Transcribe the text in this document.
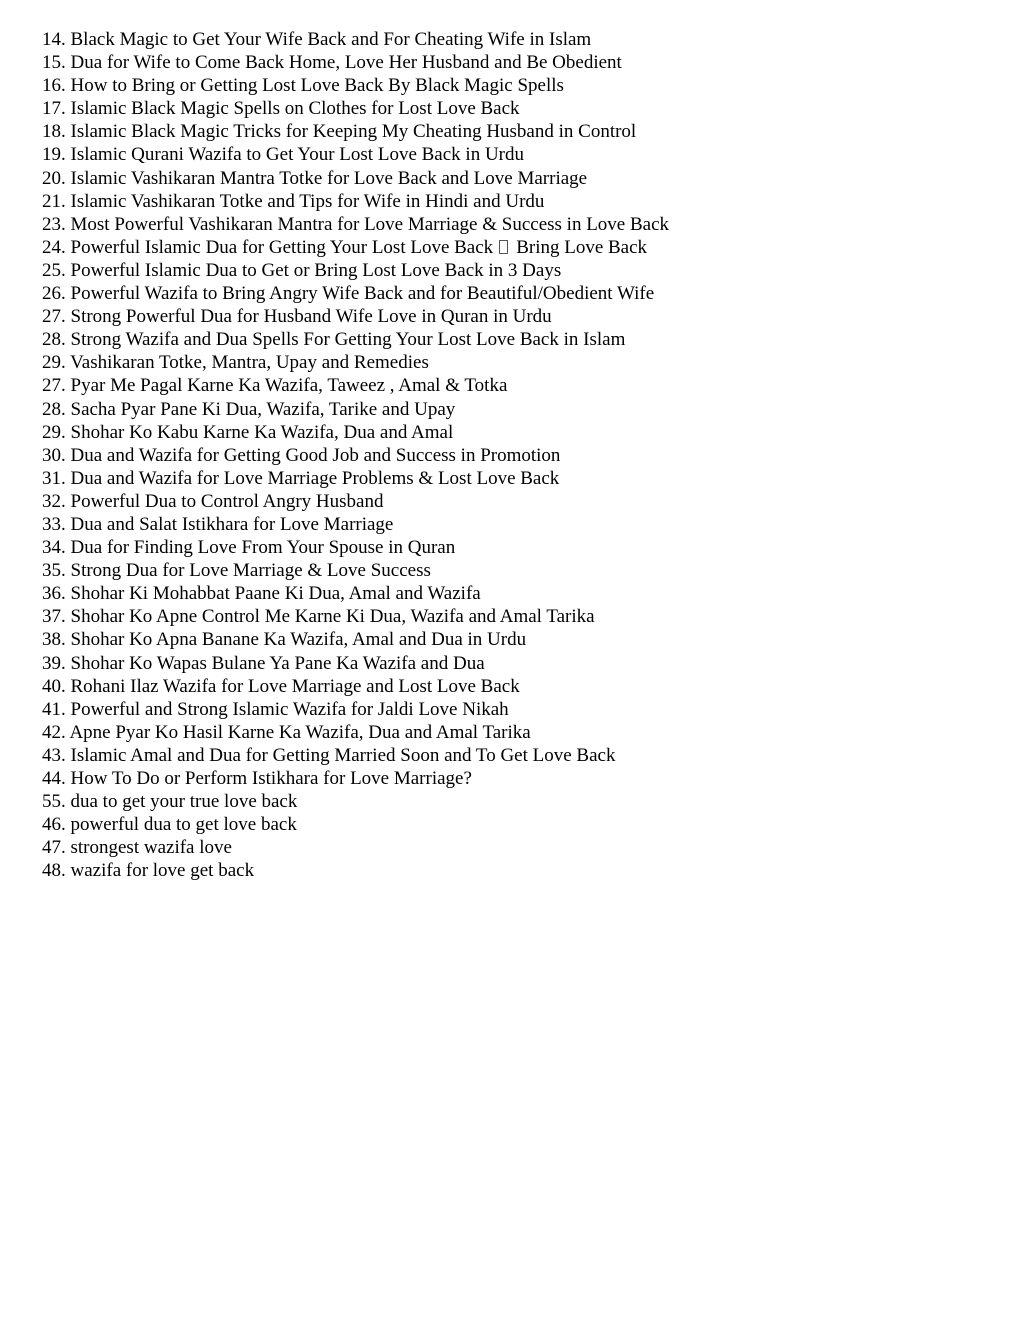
14. Black Magic to Get Your Wife Back and For Cheating Wife in Islam
15. Dua for Wife to Come Back Home, Love Her Husband and Be Obedient
16. How to Bring or Getting Lost Love Back By Black Magic Spells
17. Islamic Black Magic Spells on Clothes for Lost Love Back
18. Islamic Black Magic Tricks for Keeping My Cheating Husband in Control
19. Islamic Qurani Wazifa to Get Your Lost Love Back in Urdu
20. Islamic Vashikaran Mantra Totke for Love Back and Love Marriage
21. Islamic Vashikaran Totke and Tips for Wife in Hindi and Urdu
23. Most Powerful Vashikaran Mantra for Love Marriage & Success in Love Back
24. Powerful Islamic Dua for Getting Your Lost Love Back Bring Love Back
25. Powerful Islamic Dua to Get or Bring Lost Love Back in 3 Days
26. Powerful Wazifa to Bring Angry Wife Back and for Beautiful/Obedient Wife
27. Strong Powerful Dua for Husband Wife Love in Quran in Urdu
28. Strong Wazifa and Dua Spells For Getting Your Lost Love Back in Islam
29. Vashikaran Totke, Mantra, Upay and Remedies
27. Pyar Me Pagal Karne Ka Wazifa, Taweez , Amal & Totka
28. Sacha Pyar Pane Ki Dua, Wazifa, Tarike and Upay
29. Shohar Ko Kabu Karne Ka Wazifa, Dua and Amal
30. Dua and Wazifa for Getting Good Job and Success in Promotion
31. Dua and Wazifa for Love Marriage Problems & Lost Love Back
32. Powerful Dua to Control Angry Husband
33. Dua and Salat Istikhara for Love Marriage
34. Dua for Finding Love From Your Spouse in Quran
35. Strong Dua for Love Marriage & Love Success
36. Shohar Ki Mohabbat Paane Ki Dua, Amal and Wazifa
37. Shohar Ko Apne Control Me Karne Ki Dua, Wazifa and Amal Tarika
38. Shohar Ko Apna Banane Ka Wazifa, Amal and Dua in Urdu
39. Shohar Ko Wapas Bulane Ya Pane Ka Wazifa and Dua
40. Rohani Ilaz Wazifa for Love Marriage and Lost Love Back
41. Powerful and Strong Islamic Wazifa for Jaldi Love Nikah
42. Apne Pyar Ko Hasil Karne Ka Wazifa, Dua and Amal Tarika
43. Islamic Amal and Dua for Getting Married Soon and To Get Love Back
44. How To Do or Perform Istikhara for Love Marriage?
55. dua to get your true love back
46. powerful dua to get love back
47. strongest wazifa love
48. wazifa for love get back
